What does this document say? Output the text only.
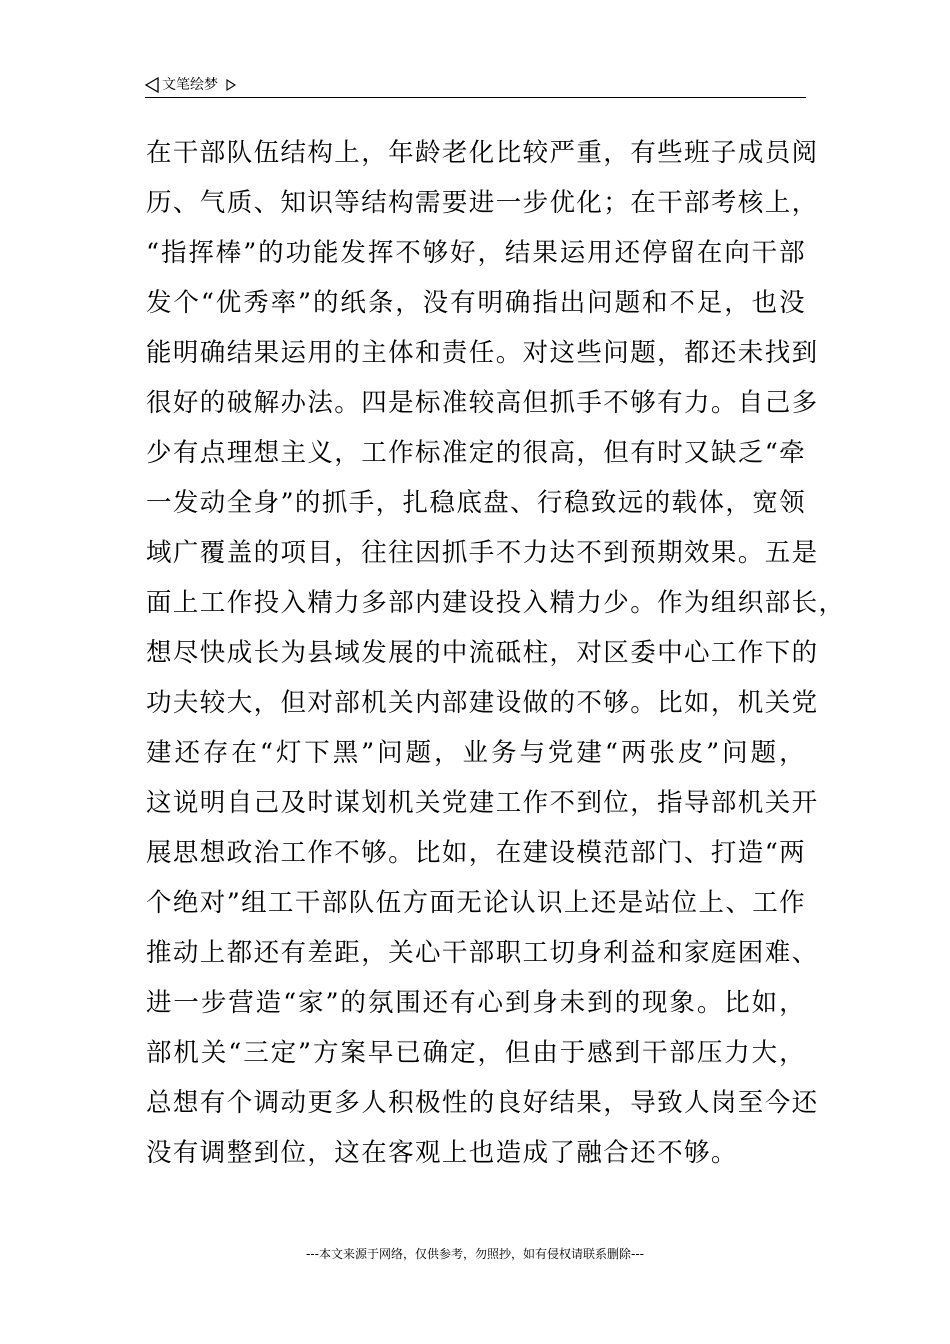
文笔绘梦
在干部队伍结构上，年龄老化比较严重，有些班子成员阅
历、气质、知识等结构需要进一步优化；在干部考核上，
“指挥棒”的功能发挥不够好，结果运用还停留在向干部
发个“优秀率”的纸条，没有明确指出问题和不足，也没
能明确结果运用的主体和责任。对这些问题，都还未找到
很好的破解办法。四是标准较高但抓手不够有力。自己多
少有点理想主义，工作标准定的很高，但有时又缺乏“牵
一发动全身”的抓手，扎稳底盘、行稳致远的载体，宽领
域广覆盖的项目，往往因抓手不力达不到预期效果。五是
面上工作投入精力多部内建设投入精力少。作为组织部长，
想尽快成长为县域发展的中流砥柱，对区委中心工作下的
功夫较大，但对部机关内部建设做的不够。比如，机关党
建还存在“灯下黑”问题，业务与党建“两张皮”问题，
这说明自己及时谋划机关党建工作不到位，指导部机关开
展思想政治工作不够。比如，在建设模范部门、打造“两
个绝对”组工干部队伍方面无论认识上还是站位上、工作
推动上都还有差距，关心干部职工切身利益和家庭困难、
进一步营造“家”的氛围还有心到身未到的现象。比如，
部机关“三定”方案早已确定，但由于感到干部压力大，
总想有个调动更多人积极性的良好结果，导致人岗至今还
没有调整到位，这在客观上也造成了融合还不够。
---本文来源于网络，仅供参考，勿照抄，如有侵权请联系删除---
